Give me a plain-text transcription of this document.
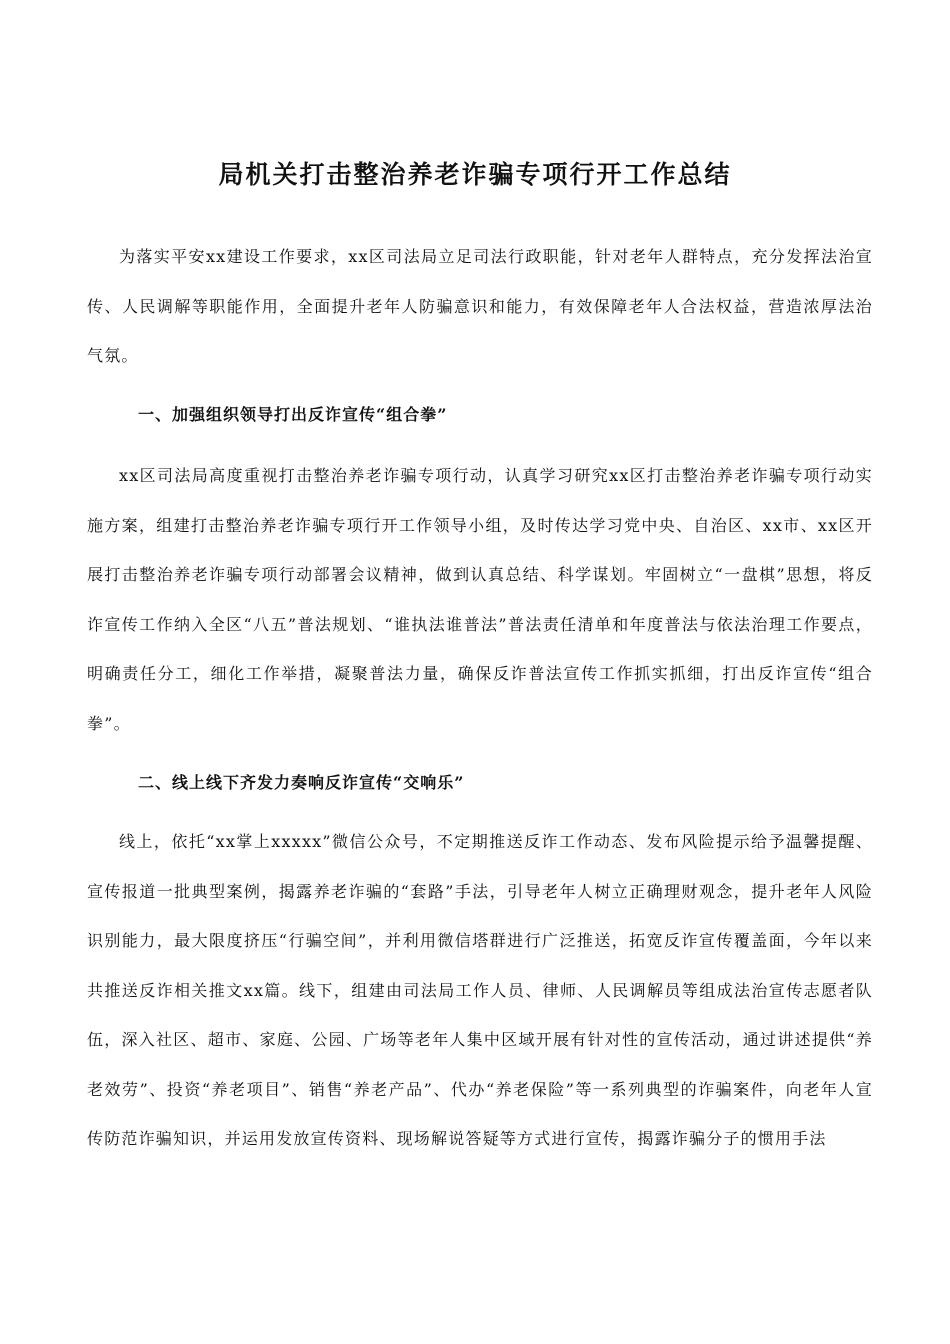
局机关打击整治养老诈骗专项行开工作总结

为落实平安xx建设工作要求，xx区司法局立足司法行政职能，针对老年人群特点，充分发挥法治宣传、人民调解等职能作用，全面提升老年人防骗意识和能力，有效保障老年人合法权益，营造浓厚法治气氛。

一、加强组织领导打出反诈宣传“组合拳”

xx区司法局高度重视打击整治养老诈骗专项行动，认真学习研究xx区打击整治养老诈骗专项行动实施方案，组建打击整治养老诈骗专项行开工作领导小组，及时传达学习党中央、自治区、xx市、xx区开展打击整治养老诈骗专项行动部署会议精神，做到认真总结、科学谋划。牢固树立“一盘棋”思想，将反诈宣传工作纳入全区“八五”普法规划、“谁执法谁普法”普法责任清单和年度普法与依法治理工作要点，明确责任分工，细化工作举措，凝聚普法力量，确保反诈普法宣传工作抓实抓细，打出反诈宣传“组合拳”。

二、线上线下齐发力奏响反诈宣传“交响乐”

线上，依托“xx掌上xxxxx”微信公众号，不定期推送反诈工作动态、发布风险提示给予温馨提醒、宣传报道一批典型案例，揭露养老诈骗的“套路”手法，引导老年人树立正确理财观念，提升老年人风险识别能力，最大限度挤压“行骗空间”，并利用微信塔群进行广泛推送，拓宽反诈宣传覆盖面，今年以来共推送反诈相关推文xx篇。线下，组建由司法局工作人员、律师、人民调解员等组成法治宣传志愿者队伍，深入社区、超市、家庭、公园、广场等老年人集中区域开展有针对性的宣传活动，通过讲述提供“养老效劳”、投资“养老项目”、销售“养老产品”、代办“养老保险”等一系列典型的诈骗案件，向老年人宣传防范诈骗知识，并运用发放宣传资料、现场解说答疑等方式进行宣传，揭露诈骗分子的惯用手法
